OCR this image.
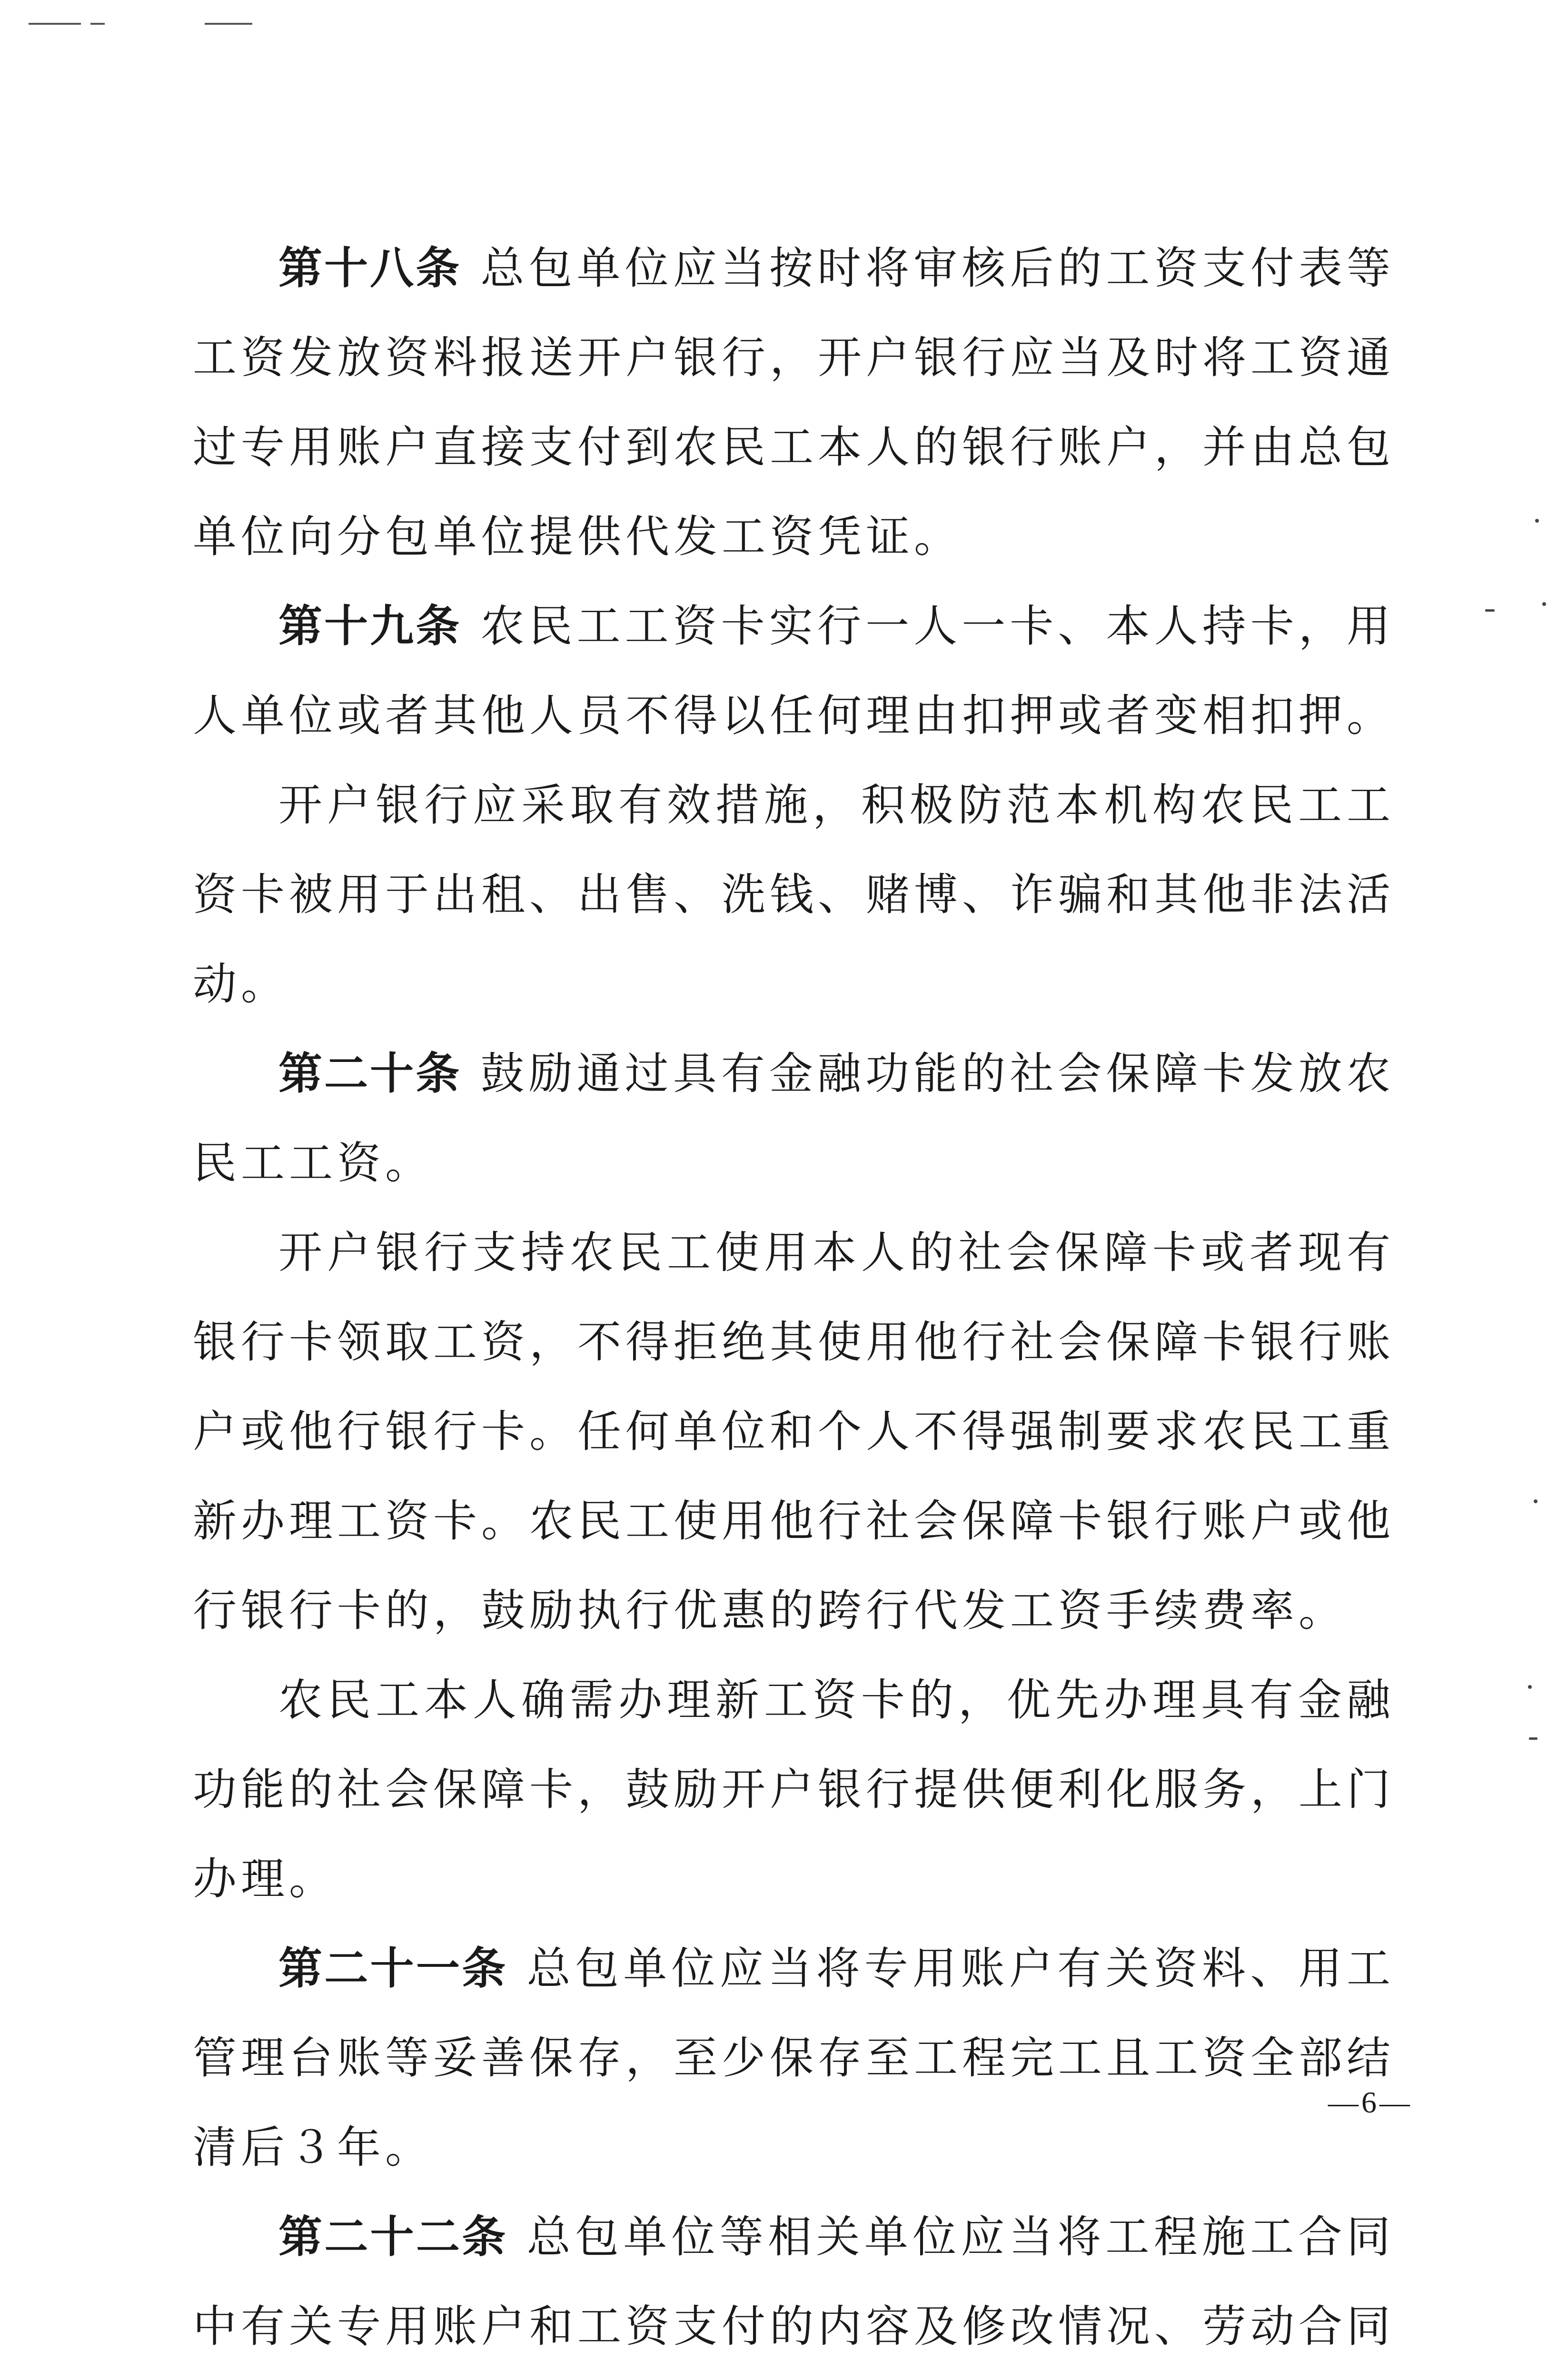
第十八条 总包单位应当按时将审核后的工资支付表等工资发放资料报送开户银行，开户银行应当及时将工资通过专用账户直接支付到农民工本人的银行账户，并由总包单位向分包单位提供代发工资凭证。

第十九条 农民工工资卡实行一人一卡、本人持卡，用人单位或者其他人员不得以任何理由扣押或者变相扣押。

开户银行应采取有效措施，积极防范本机构农民工工资卡被用于出租、出售、洗钱、赌博、诈骗和其他非法活动。

第二十条 鼓励通过具有金融功能的社会保障卡发放农民工工资。

开户银行支持农民工使用本人的社会保障卡或者现有银行卡领取工资，不得拒绝其使用他行社会保障卡银行账户或他行银行卡。任何单位和个人不得强制要求农民工重新办理工资卡。农民工使用他行社会保障卡银行账户或他行银行卡的，鼓励执行优惠的跨行代发工资手续费率。

农民工本人确需办理新工资卡的，优先办理具有金融功能的社会保障卡，鼓励开户银行提供便利化服务，上门办理。

第二十一条 总包单位应当将专用账户有关资料、用工管理台账等妥善保存，至少保存至工程完工且工资全部结清后３年。

第二十二条 总包单位等相关单位应当将工程施工合同中有关专用账户和工资支付的内容及修改情况、劳动合同

—6—
